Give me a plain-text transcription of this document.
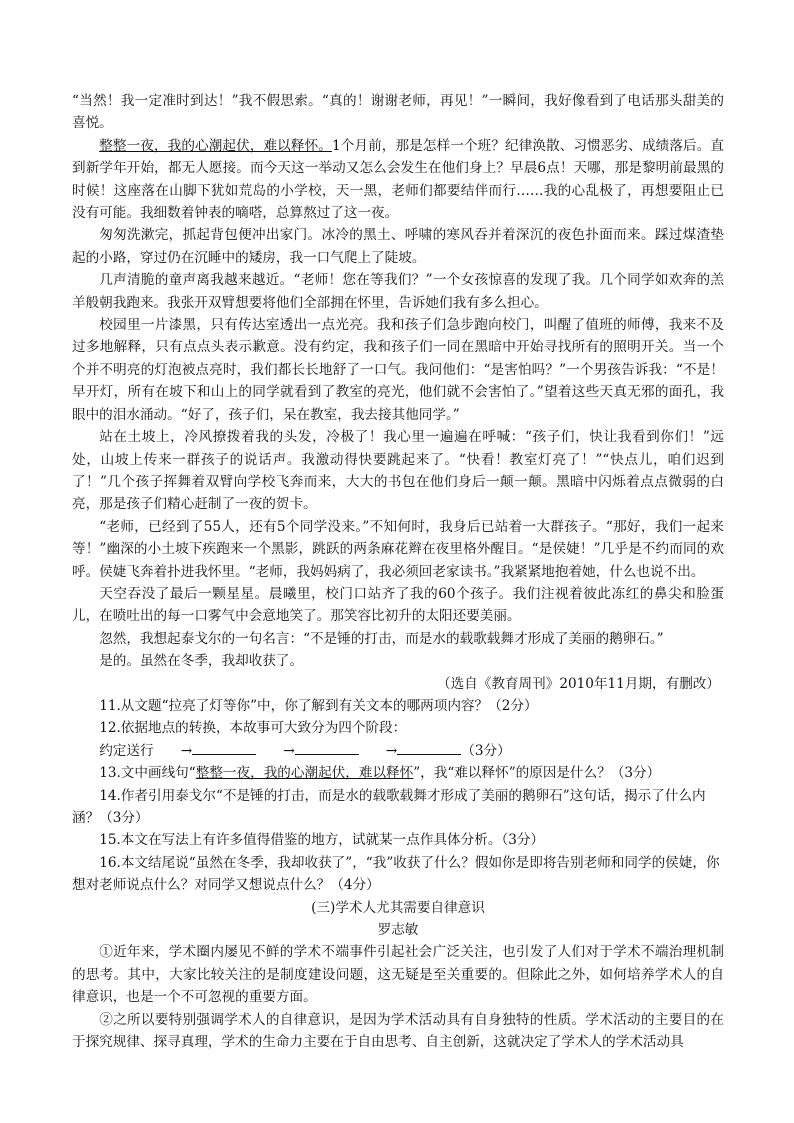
“当然！我一定准时到达！”我不假思索。“真的！谢谢老师，再见！”一瞬间，我好像看到了电话那头甜美的喜悦。

整整一夜，我的心潮起伏，难以释怀。1个月前，那是怎样一个班？纪律涣散、习惯恶劣、成绩落后。直到新学年开始，都无人愿接。而今天这一举动又怎么会发生在他们身上？早晨6点！天哪，那是黎明前最黑的时候！这座落在山脚下犹如荒岛的小学校，天一黑，老师们都要结伴而行……我的心乱极了，再想要阻止已没有可能。我细数着钟表的嘀嗒，总算熬过了这一夜。

匆匆洗漱完，抓起背包便冲出家门。冰冷的黑土、呼啸的寒风吞并着深沉的夜色扑面而来。踩过煤渣垫起的小路，穿过仍在沉睡中的矮房，我一口气爬上了陡坡。

几声清脆的童声离我越来越近。“老师！您在等我们？”一个女孩惊喜的发现了我。几个同学如欢奔的羔羊般朝我跑来。我张开双臂想要将他们全部拥在怀里，告诉她们我有多么担心。

校园里一片漆黑，只有传达室透出一点光亮。我和孩子们急步跑向校门，叫醒了值班的师傅，我来不及过多地解释，只有点点头表示歉意。没有约定，我和孩子们一同在黑暗中开始寻找所有的照明开关。当一个个并不明亮的灯泡被点亮时，我们都长长地舒了一口气。我问他们：“是害怕吗？”一个男孩告诉我：“不是！早开灯，所有在坡下和山上的同学就看到了教室的亮光，他们就不会害怕了。”望着这些天真无邪的面孔，我眼中的泪水涌动。“好了，孩子们，呆在教室，我去接其他同学。”

站在土坡上，冷风撩拨着我的头发，冷极了！我心里一遍遍在呼喊：“孩子们，快让我看到你们！”远处，山坡上传来一群孩子的说话声。我激动得快要跳起来了。“快看！教室灯亮了！”“快点儿，咱们迟到了！”几个孩子挥舞着双臂向学校飞奔而来，大大的书包在他们身后一颠一颠。黑暗中闪烁着点点微弱的白亮，那是孩子们精心赶制了一夜的贺卡。

“老师，已经到了55人，还有5个同学没来。”不知何时，我身后已站着一大群孩子。“那好，我们一起来等！”幽深的小土坡下疾跑来一个黑影，跳跃的两条麻花辫在夜里格外醒目。“是侯婕！”几乎是不约而同的欢呼。侯婕飞奔着扑进我怀里。“老师，我妈妈病了，我必须回老家读书。”我紧紧地抱着她，什么也说不出。

天空吞没了最后一颗星星。晨曦里，校门口站齐了我的60个孩子。我们注视着彼此冻红的鼻尖和脸蛋儿，在喷吐出的每一口雾气中会意地笑了。那笑容比初升的太阳还要美丽。

忽然，我想起泰戈尔的一句名言：“不是锤的打击，而是水的载歌载舞才形成了美丽的鹅卵石。”

是的。虽然在冬季，我却收获了。

（选自《教育周刊》2010年11月期，有删改）

11.从文题“拉亮了灯等你”中，你了解到有关文本的哪两项内容？（2分）

12.依据地点的转换，本故事可大致分为四个阶段：

约定送行 →	→	→	（3分）

13.文中画线句“整整一夜，我的心潮起伏，难以释怀”，我“难以释怀”的原因是什么？（3分）

14.作者引用泰戈尔“不是锤的打击，而是水的载歌载舞才形成了美丽的鹅卵石”这句话，揭示了什么内涵？（3分）

15.本文在写法上有许多值得借鉴的地方，试就某一点作具体分析。（3分）

16.本文结尾说“虽然在冬季，我却收获了”，“我”收获了什么？假如你是即将告别老师和同学的侯婕，你想对老师说点什么？对同学又想说点什么？（4分）

(三)学术人尤其需要自律意识

罗志敏

①近年来，学术圈内屡见不鲜的学术不端事件引起社会广泛关注，也引发了人们对于学术不端治理机制的思考。其中，大家比较关注的是制度建设问题，这无疑是至关重要的。但除此之外，如何培养学术人的自律意识，也是一个不可忽视的重要方面。

②之所以要特别强调学术人的自律意识，是因为学术活动具有自身独特的性质。学术活动的主要目的在于探究规律、探寻真理，学术的生命力主要在于自由思考、自主创新，这就决定了学术人的学术活动具
